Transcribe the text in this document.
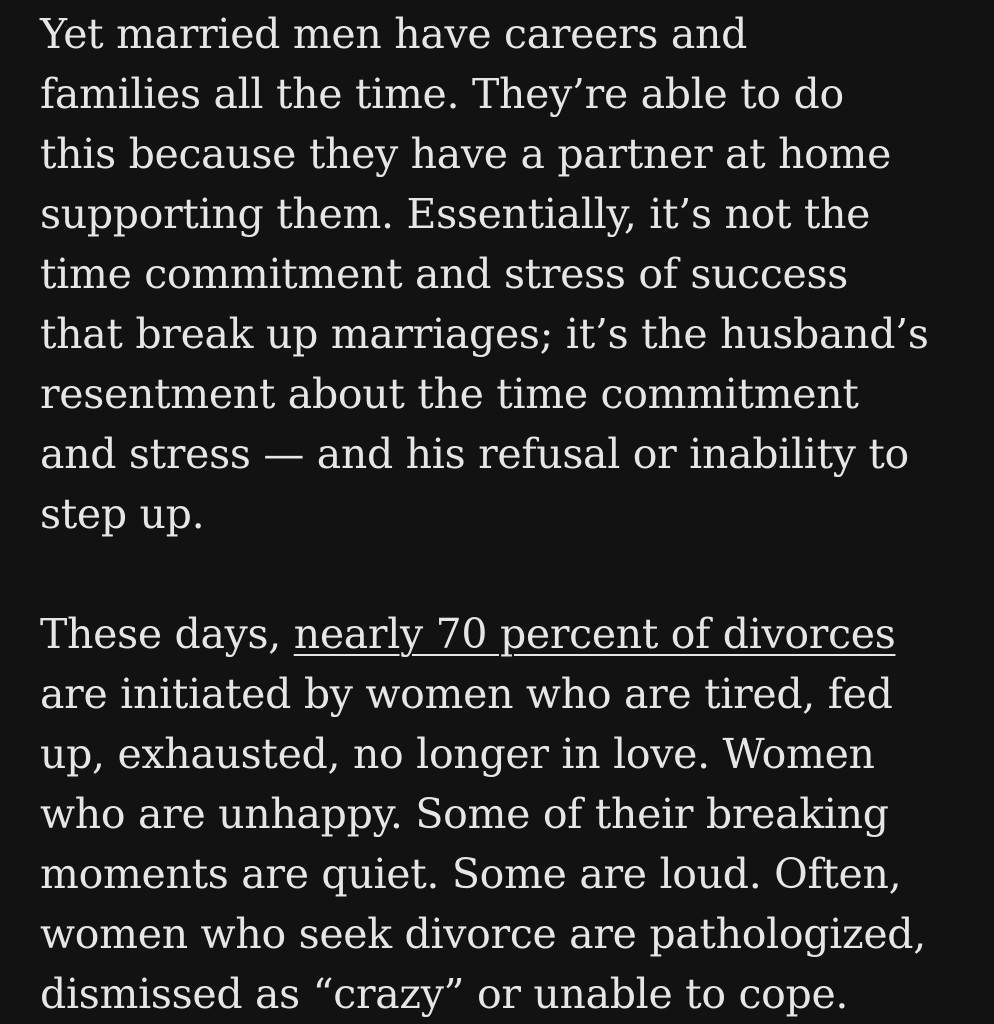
Yet married men have careers and
families all the time. They’re able to do
this because they have a partner at home
supporting them. Essentially, it’s not the
time commitment and stress of success
that break up marriages; it’s the husband’s
resentment about the time commitment
and stress — and his refusal or inability to
step up.

These days, nearly 70 percent of divorces
are initiated by women who are tired, fed
up, exhausted, no longer in love. Women
who are unhappy. Some of their breaking
moments are quiet. Some are loud. Often,
women who seek divorce are pathologized,
dismissed as “crazy” or unable to cope.
